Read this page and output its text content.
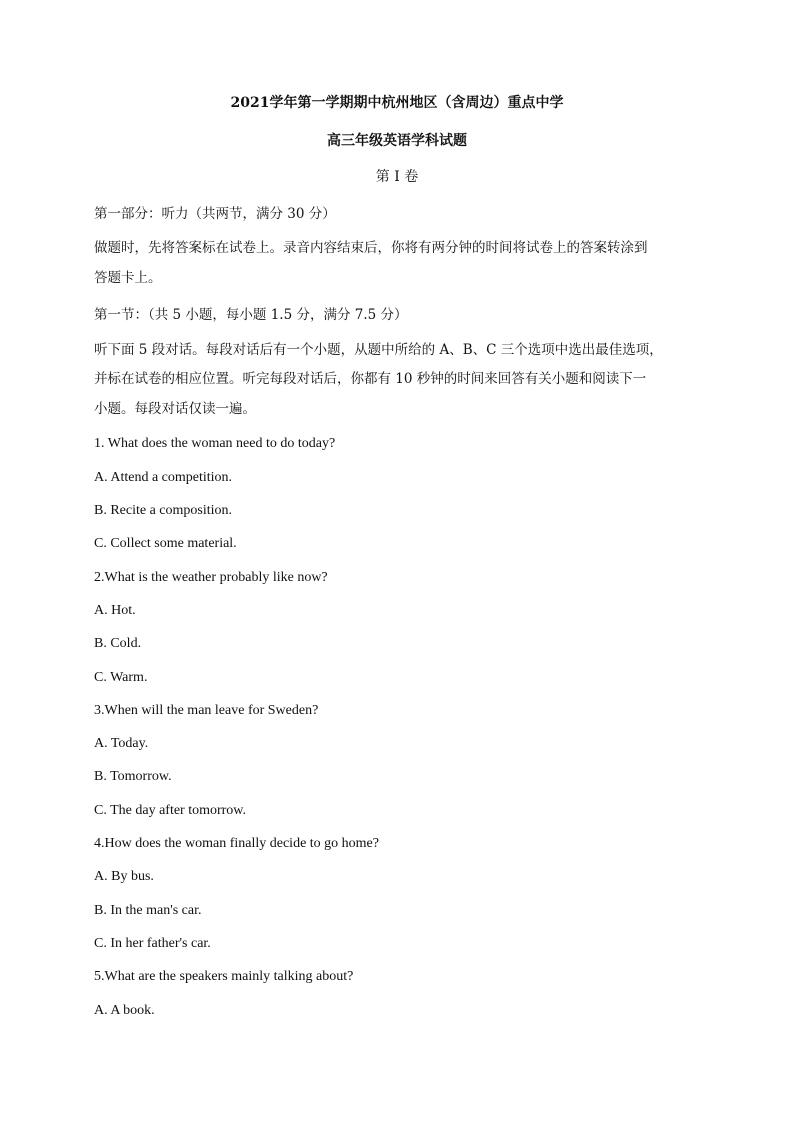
2021学年第一学期期中杭州地区（含周边）重点中学
高三年级英语学科试题
第 I 卷
第一部分：听力（共两节，满分 30 分）
做题时，先将答案标在试卷上。录音内容结束后，你将有两分钟的时间将试卷上的答案转涂到
答题卡上。
第一节：（共 5 小题，每小题 1.5 分，满分 7.5 分）
听下面 5 段对话。每段对话后有一个小题，从题中所给的 A、B、C 三个选项中选出最佳选项，
并标在试卷的相应位置。听完每段对话后，你都有 10 秒钟的时间来回答有关小题和阅读下一
小题。每段对话仅读一遍。
1. What does the woman need to do today?
A. Attend a competition.
B. Recite a composition.
C. Collect some material.
2.What is the weather probably like now?
A. Hot.
B. Cold.
C. Warm.
3.When will the man leave for Sweden?
A. Today.
B. Tomorrow.
C. The day after tomorrow.
4.How does the woman finally decide to go home?
A. By bus.
B. In the man's car.
C. In her father's car.
5.What are the speakers mainly talking about?
A. A book.
